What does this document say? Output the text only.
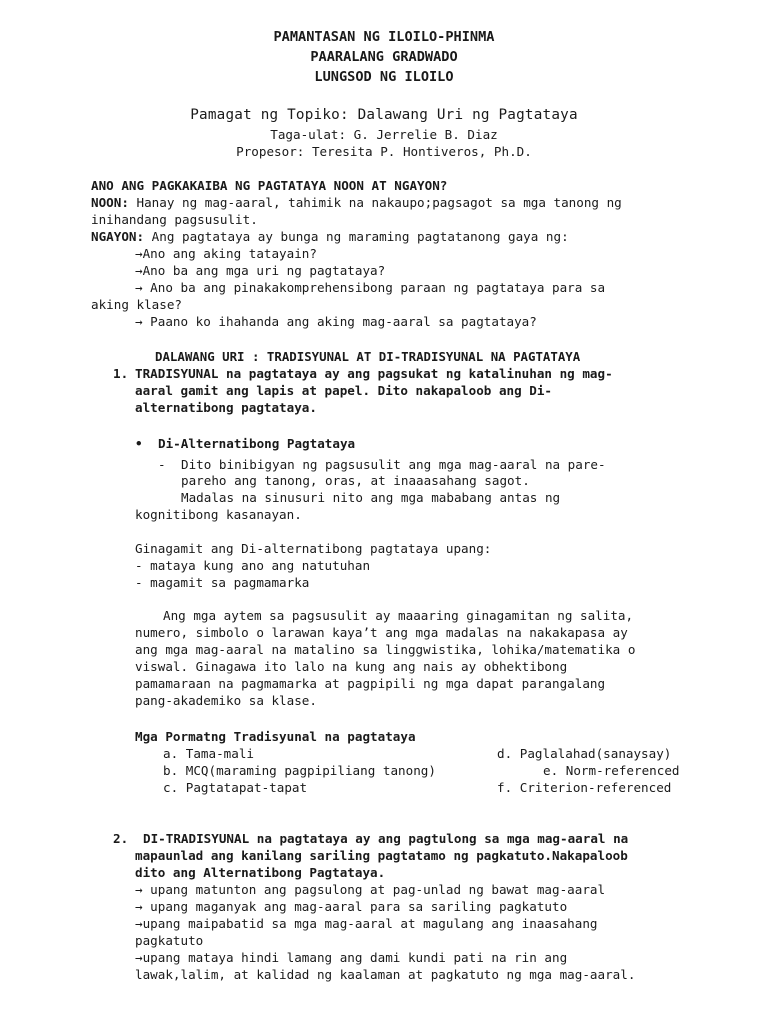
PAMANTASAN NG ILOILO-PHINMA
PAARALANG GRADWADO
LUNGSOD NG ILOILO
Pamagat ng Topiko: Dalawang Uri ng Pagtataya
Taga-ulat: G. Jerrelie B. Diaz
Propesor: Teresita P. Hontiveros, Ph.D.
ANO ANG PAGKAKAIBA NG PAGTATAYA NOON AT NGAYON?
NOON: Hanay ng mag-aaral, tahimik na nakaupo;pagsagot sa mga tanong ng
inihandang pagsusulit.
NGAYON: Ang pagtataya ay bunga ng maraming pagtatanong gaya ng:
→Ano ang aking tatayain?
→Ano ba ang mga uri ng pagtataya?
→ Ano ba ang pinakakomprehensibong paraan ng pagtataya para sa
aking klase?
→ Paano ko ihahanda ang aking mag-aaral sa pagtataya?
DALAWANG URI : TRADISYUNAL AT DI-TRADISYUNAL NA PAGTATAYA
1. TRADISYUNAL na pagtataya ay ang pagsukat ng katalinuhan ng mag-
aaral gamit ang lapis at papel. Dito nakapaloob ang Di-
alternatibong pagtataya.
• Di-Alternatibong Pagtataya
- Dito binibigyan ng pagsusulit ang mga mag-aaral na pare-
pareho ang tanong, oras, at inaaasahang sagot.
Madalas na sinusuri nito ang mga mababang antas ng
kognitibong kasanayan.
Ginagamit ang Di-alternatibong pagtataya upang:
- mataya kung ano ang natutuhan
- magamit sa pagmamarka
Ang mga aytem sa pagsusulit ay maaaring ginagamitan ng salita,
numero, simbolo o larawan kaya’t ang mga madalas na nakakapasa ay
ang mga mag-aaral na matalino sa linggwistika, lohika/matematika o
viswal. Ginagawa ito lalo na kung ang nais ay obhektibong
pamamaraan na pagmamarka at pagpipili ng mga dapat parangalang
pang-akademiko sa klase.
Mga Pormatng Tradisyunal na pagtataya
a. Tama-mali
b. MCQ(maraming pagpipiliang tanong)
c. Pagtatapat-tapat
d. Paglalahad(sanaysay)
e. Norm-referenced
f. Criterion-referenced
2. DI-TRADISYUNAL na pagtataya ay ang pagtulong sa mga mag-aaral na
mapaunlad ang kanilang sariling pagtatamo ng pagkatuto.Nakapaloob
dito ang Alternatibong Pagtataya.
→ upang matunton ang pagsulong at pag-unlad ng bawat mag-aaral
→ upang maganyak ang mag-aaral para sa sariling pagkatuto
→upang maipabatid sa mga mag-aaral at magulang ang inaasahang
pagkatuto
→upang mataya hindi lamang ang dami kundi pati na rin ang
lawak,lalim, at kalidad ng kaalaman at pagkatuto ng mga mag-aaral.
